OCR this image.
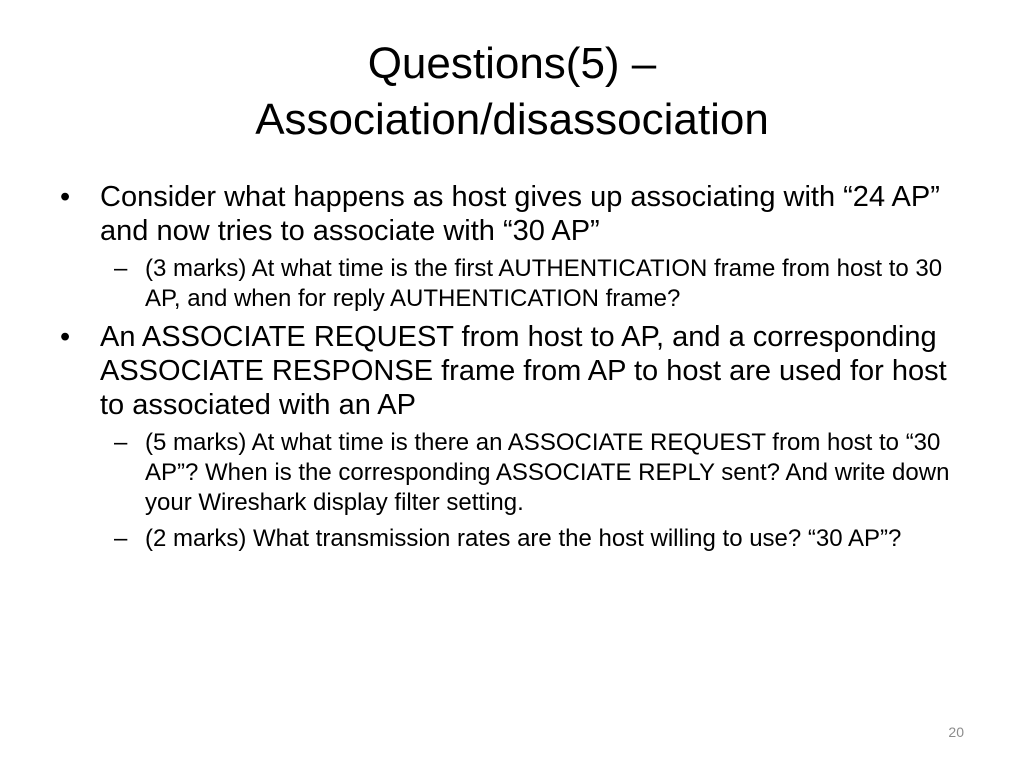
Questions(5) –
Association/disassociation
• Consider what happens as host gives up associating with “24 AP” and now tries to associate with “30 AP”
– (3 marks) At what time is the first AUTHENTICATION frame from host to 30 AP, and when for reply AUTHENTICATION frame?
• An ASSOCIATE REQUEST from host to AP, and a corresponding ASSOCIATE RESPONSE frame from AP to host are used for host to associated with an AP
– (5 marks) At what time is there an ASSOCIATE REQUEST from host to “30 AP”? When is the corresponding ASSOCIATE REPLY sent? And write down your Wireshark display filter setting.
– (2 marks) What transmission rates are the host willing to use? “30 AP”?
20
